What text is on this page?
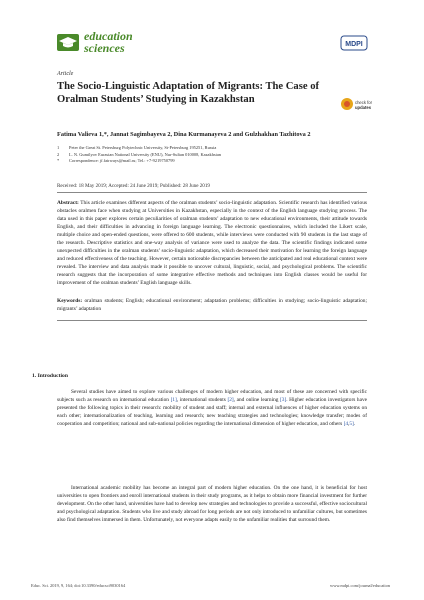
education
sciences	MDPI
Article
The Socio-Linguistic Adaptation of Migrants: The Case of Oralman Students’ Studying in Kazakhstan	check for
updates
Fatima Valieva 1,*, Jannat Sagimbayeva 2, Dina Kurmanayeva 2 and Gulzhakhan Tazhitova 2
1	Peter the Great St. Petersburg Polytechnic University, St-Petersburg 195251, Russia
2	L. N. Gumilyov Eurasian National University (ENU), Nur-Sultan 010008, Kazakhstan
*	Correspondence: jf.fairways@mail.ru; Tel.: +7-9219750799
Received: 18 May 2019; Accepted: 24 June 2019; Published: 28 June 2019
Abstract: This article examines different aspects of the oralman students’ socio-linguistic adaptation. Scientific research has identified various obstacles oralmen face when studying at Universities in Kazakhstan, especially in the context of the English language studying process. The data used in this paper explores certain peculiarities of oralman students’ adaptation to new educational environments, their attitude towards English, and their difficulties in advancing in foreign language learning. The electronic questionnaires, which included the Likert scale, multiple choice and open-ended questions, were offered to 600 students, while interviews were conducted with 90 students in the last stage of the research. Descriptive statistics and one-way analysis of variance were used to analyze the data. The scientific findings indicated some unexpected difficulties in the oralman students’ socio-linguistic adaptation, which decreased their motivation for learning the foreign language and reduced effectiveness of the teaching. However, certain noticeable discrepancies between the anticipated and real educational context were revealed. The interview and data analysis made it possible to uncover cultural, linguistic, social, and psychological problems. The scientific research suggests that the incorporation of some integrative effective methods and techniques into English classes would be useful for improvement of the oralman students’ English language skills.
Keywords: oralman students; English; educational environment; adaptation problems; difficulties in studying; socio-linguistic adaptation; migrants’ adaptation
1. Introduction
Several studies have aimed to explore various challenges of modern higher education, and most of these are concerned with specific subjects such as research on international education [1], international students [2], and online learning [3]. Higher education investigators have presented the following topics in their research: mobility of student and staff; internal and external influences of higher education systems on each other; internationalization of teaching, learning and research; new teaching strategies and technologies; knowledge transfer; modes of cooperation and competition; national and sub-national policies regarding the international dimension of higher education, and others [4,5].
International academic mobility has become an integral part of modern higher education. On the one hand, it is beneficial for host universities to open frontiers and enroll international students in their study programs, as it helps to obtain more financial investment for further development. On the other hand, universities have had to develop new strategies and technologies to provide a successful, effective sociocultural and psychological adaptation. Students who live and study abroad for long periods are not only introduced to unfamiliar cultures, but sometimes also find themselves immersed in them. Unfortunately, not everyone adapts easily to the unfamiliar realities that surround them.
Educ. Sci. 2019, 9, 164; doi:10.3390/educsci9030164	www.mdpi.com/journal/education
